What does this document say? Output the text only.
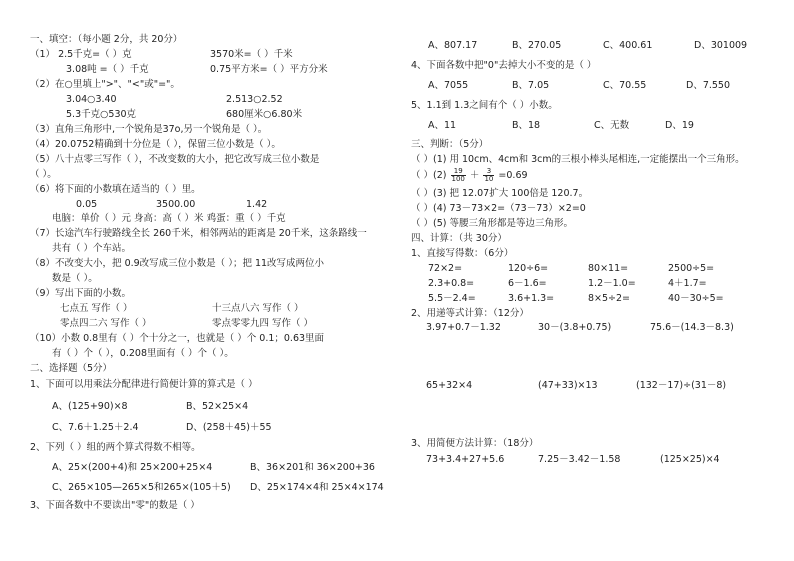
一、填空：（每小题 2分，共 20分）
（1） 2.5千克=（ ）克	3570米=（ ）千米
3.08吨 =（ ）千克	0.75平方米=（ ）平方分米
（2）在○里填上">"、"<"或"="。
3.04○3.40	2.513○2.52
5.3千克○530克	680厘米○6.80米
（3）直角三角形中,一个锐角是37o,另一个锐角是（ ）。
（4）20.0752精确到十分位是（ ），保留三位小数是（ ）。
（5）八十点零三写作（ ），不改变数的大小，把它改写成三位小数是
（ ）。
（6）将下面的小数填在适当的（ ）里。
0.05	3500.00	1.42
电脑：单价（ ）元 身高：高（ ）米 鸡蛋：重（ ）千克
（7）长途汽车行驶路线全长 260千米，相邻两站的距离是 20千米，这条路线一
共有（ ）个车站。
（8）不改变大小，把 0.9改写成三位小数是（ ）；把 11改写成两位小
数是（ ）。
（9）写出下面的小数。
七点五 写作（ ）	十三点八六 写作（ ）
零点四二六 写作（ ）	零点零零九四 写作（ ）
（10）小数 0.8里有（ ）个十分之一，也就是（ ）个 0.1；0.63里面
有（ ）个（ ），0.208里面有（ ）个（ ）。
二、选择题（5分）
1、下面可以用乘法分配律进行简便计算的算式是（ ）
A、(125+90)×8	B、52×25×4
C、7.6＋1.25＋2.4	D、(258＋45)＋55
2、下列（ ）组的两个算式得数不相等。
A、25×(200+4)和 25×200+25×4	B、36×201和 36×200+36
C、265×105—265×5和265×(105＋5) D、25×174×4和 25×4×174
3、下面各数中不要读出"零"的数是（ ）
A、807.17	B、270.05	C、400.61	D、301009
4、下面各数中把"0"去掉大小不变的是（ ）
A、7055	B、7.05	C、70.55	D、7.550
5、1.1到 1.3之间有个（ ）小数。
A、11	B、18	C、无数	D、19
三、判断：（5分）
（ ）(1) 用 10cm、4cm和 3cm的三根小棒头尾相连,一定能摆出一个三角形。
（ ）$(2) \frac{19}{100} + \frac{3}{10} =0.69$
（ ）(3) 把 12.07扩大 100倍是 120.7。
（ ）(4) 73－73×2=（73－73）×2=0
（ ）(5) 等腰三角形都是等边三角形。
四、计算：（共 30分）
1、直接写得数：（6分）
72×2=	120÷6=	80×11=	2500÷5=
2.3+0.8=	6－1.6=	1.2－1.0=	4＋1.7=
5.5－2.4=	3.6+1.3=	8×5÷2=	40－30÷5=
2、用递等式计算：（12分）
3.97+0.7－1.32	30－(3.8+0.75)	75.6－(14.3－8.3)
65+32×4	(47+33)×13	(132－17)÷(31－8)
3、用简便方法计算：（18分）
73+3.4+27+5.6	7.25－3.42－1.58	(125×25)×4
